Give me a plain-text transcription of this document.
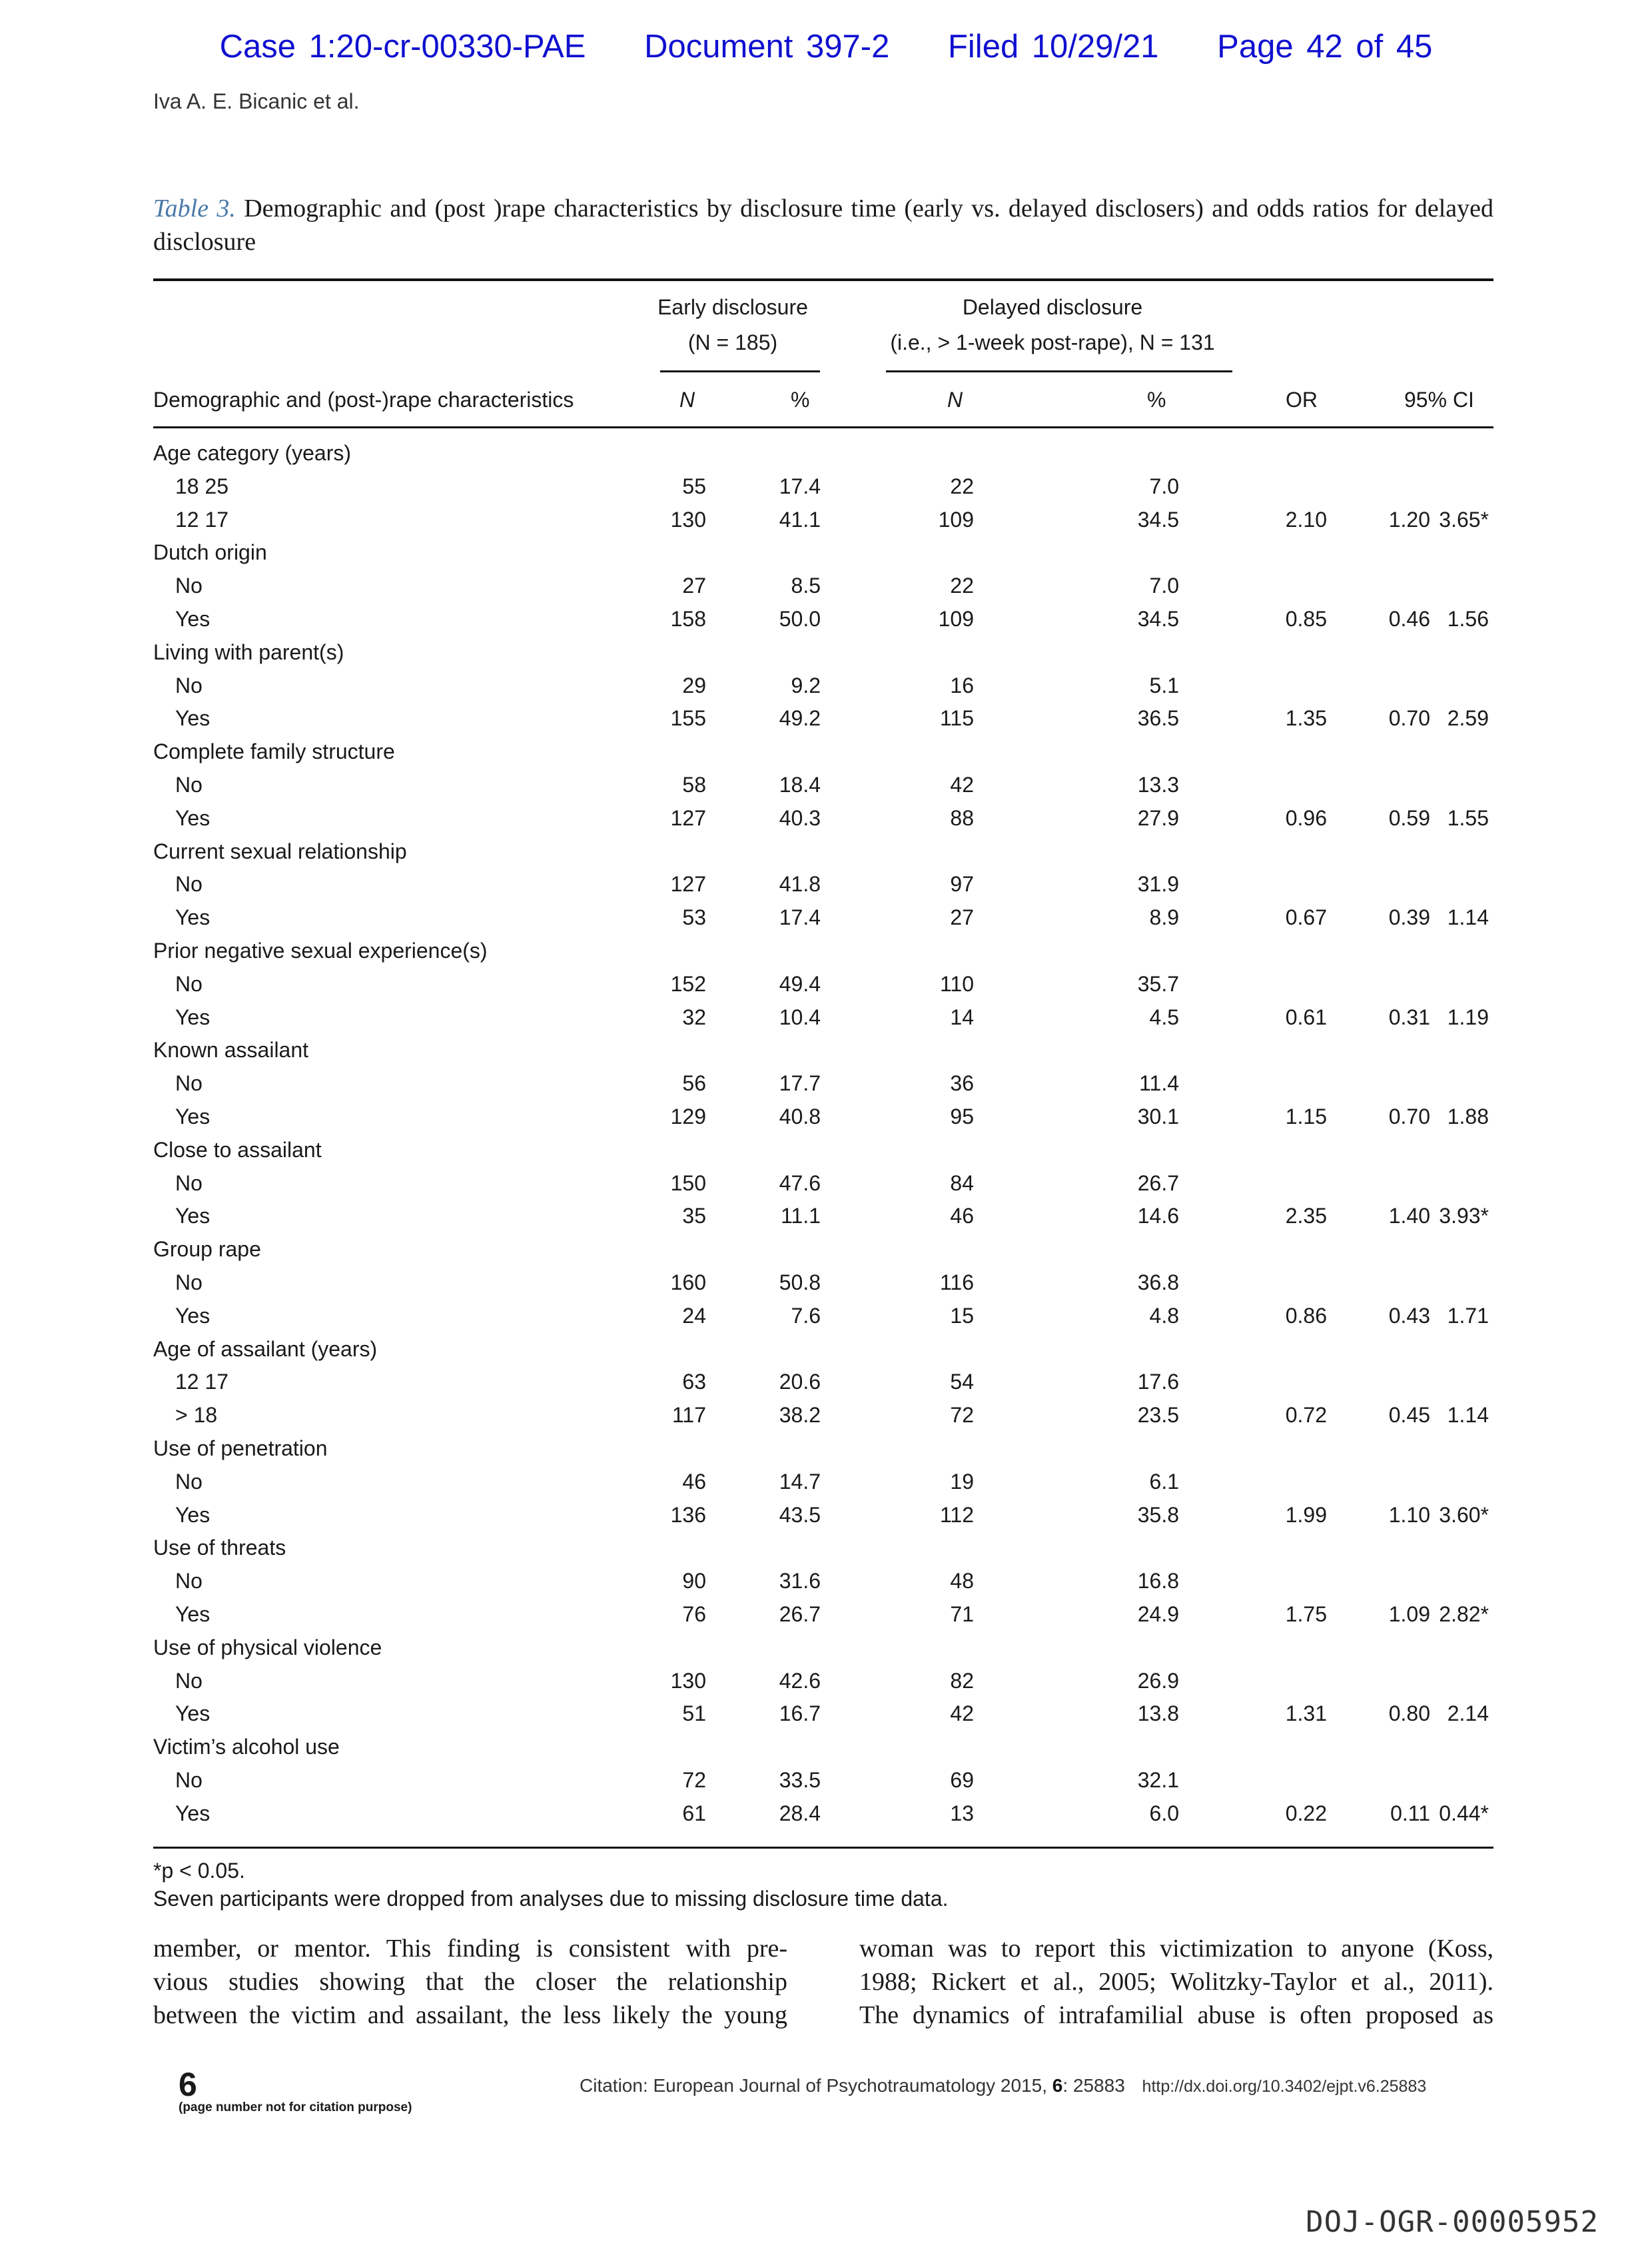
Case 1:20-cr-00330-PAE Document 397-2 Filed 10/29/21 Page 42 of 45
Iva A. E. Bicanic et al.
Table 3. Demographic and (post )rape characteristics by disclosure time (early vs. delayed disclosers) and odds ratios for delayed disclosure
Early disclosure
(N = 185)
Delayed disclosure
(i.e., > 1-week post-rape), N = 131
Demographic and (post-)rape characteristics	N	%	N	%	OR	95% CI
Age category (years)
18 25	55	17.4	22	7.0
12 17	130	41.1	109	34.5	2.10	1.20 3.65*
Dutch origin
No	27	8.5	22	7.0
Yes	158	50.0	109	34.5	0.85	0.46 1.56
Living with parent(s)
No	29	9.2	16	5.1
Yes	155	49.2	115	36.5	1.35	0.70 2.59
Complete family structure
No	58	18.4	42	13.3
Yes	127	40.3	88	27.9	0.96	0.59 1.55
Current sexual relationship
No	127	41.8	97	31.9
Yes	53	17.4	27	8.9	0.67	0.39 1.14
Prior negative sexual experience(s)
No	152	49.4	110	35.7
Yes	32	10.4	14	4.5	0.61	0.31 1.19
Known assailant
No	56	17.7	36	11.4
Yes	129	40.8	95	30.1	1.15	0.70 1.88
Close to assailant
No	150	47.6	84	26.7
Yes	35	11.1	46	14.6	2.35	1.40 3.93*
Group rape
No	160	50.8	116	36.8
Yes	24	7.6	15	4.8	0.86	0.43 1.71
Age of assailant (years)
12 17	63	20.6	54	17.6
> 18	117	38.2	72	23.5	0.72	0.45 1.14
Use of penetration
No	46	14.7	19	6.1
Yes	136	43.5	112	35.8	1.99	1.10 3.60*
Use of threats
No	90	31.6	48	16.8
Yes	76	26.7	71	24.9	1.75	1.09 2.82*
Use of physical violence
No	130	42.6	82	26.9
Yes	51	16.7	42	13.8	1.31	0.80 2.14
Victim’s alcohol use
No	72	33.5	69	32.1
Yes	61	28.4	13	6.0	0.22	0.11 0.44*
*p < 0.05.
Seven participants were dropped from analyses due to missing disclosure time data.
member, or mentor. This finding is consistent with pre-
vious studies showing that the closer the relationship
between the victim and assailant, the less likely the young
woman was to report this victimization to anyone (Koss,
1988; Rickert et al., 2005; Wolitzky-Taylor et al., 2011).
The dynamics of intrafamilial abuse is often proposed as
6
(page number not for citation purpose)
Citation: European Journal of Psychotraumatology 2015, 6: 25883 http://dx.doi.org/10.3402/ejpt.v6.25883
DOJ-OGR-00005952
